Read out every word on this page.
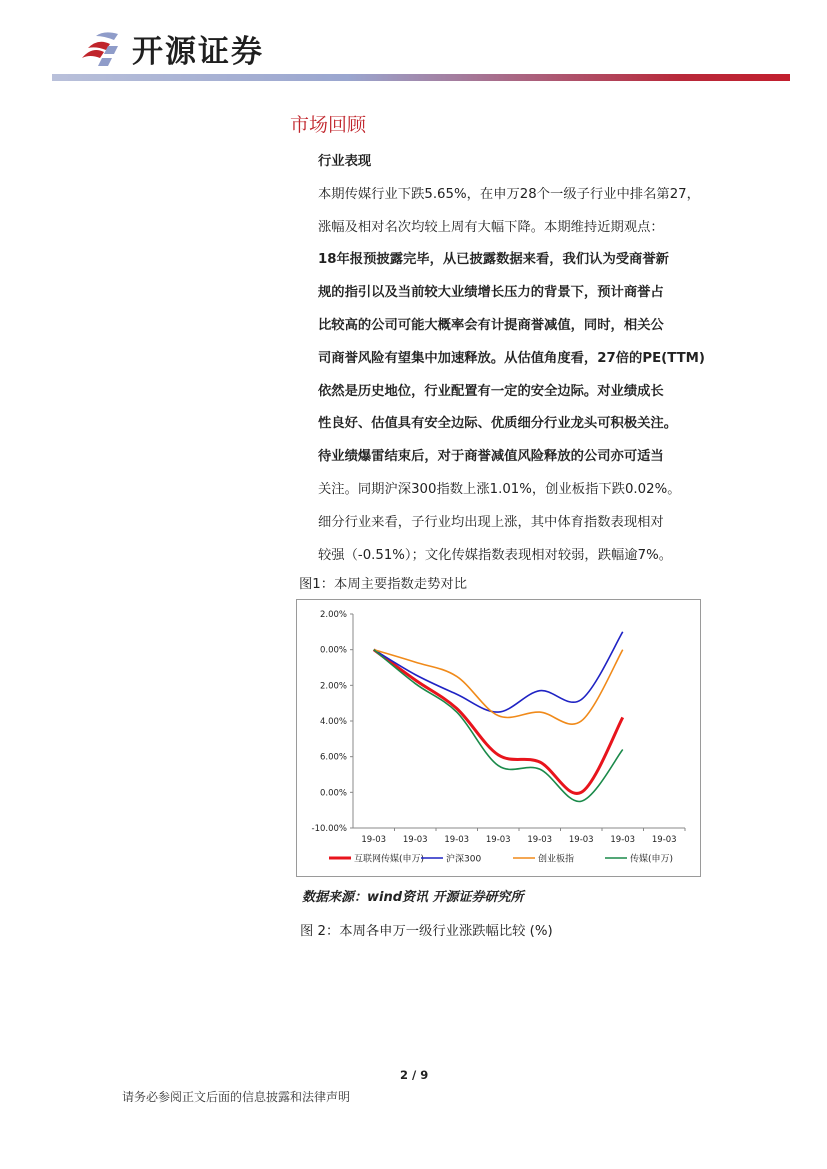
开源证券
市场回顾
行业表现
本期传媒行业下跌5.65%，在申万28个一级子行业中排名第27，
涨幅及相对名次均较上周有大幅下降。本期维持近期观点：
18年报预披露完毕，从已披露数据来看，我们认为受商誉新
规的指引以及当前较大业绩增长压力的背景下，预计商誉占
比较高的公司可能大概率会有计提商誉减值，同时，相关公
司商誉风险有望集中加速释放。从估值角度看，27倍的PE(TTM)
依然是历史地位，行业配置有一定的安全边际。对业绩成长
性良好、估值具有安全边际、优质细分行业龙头可积极关注。
待业绩爆雷结束后，对于商誉减值风险释放的公司亦可适当
关注。同期沪深300指数上涨1.01%，创业板指下跌0.02%。
细分行业来看，子行业均出现上涨，其中体育指数表现相对
较强（-0.51%）；文化传媒指数表现相对较弱，跌幅逾7%。
图1：本周主要指数走势对比
2.00%
0.00%
2.00%
4.00%
6.00%
0.00%
-10.00%
19-03 19-03 19-03 19-03 19-03 19-03 19-03 19-03
互联网传媒(申万) 沪深300	创业板指	传媒(申万)
数据来源：wind资讯 开源证券研究所
图 2：本周各申万一级行业涨跌幅比较 (%)
2 / 9
请务必参阅正文后面的信息披露和法律声明
